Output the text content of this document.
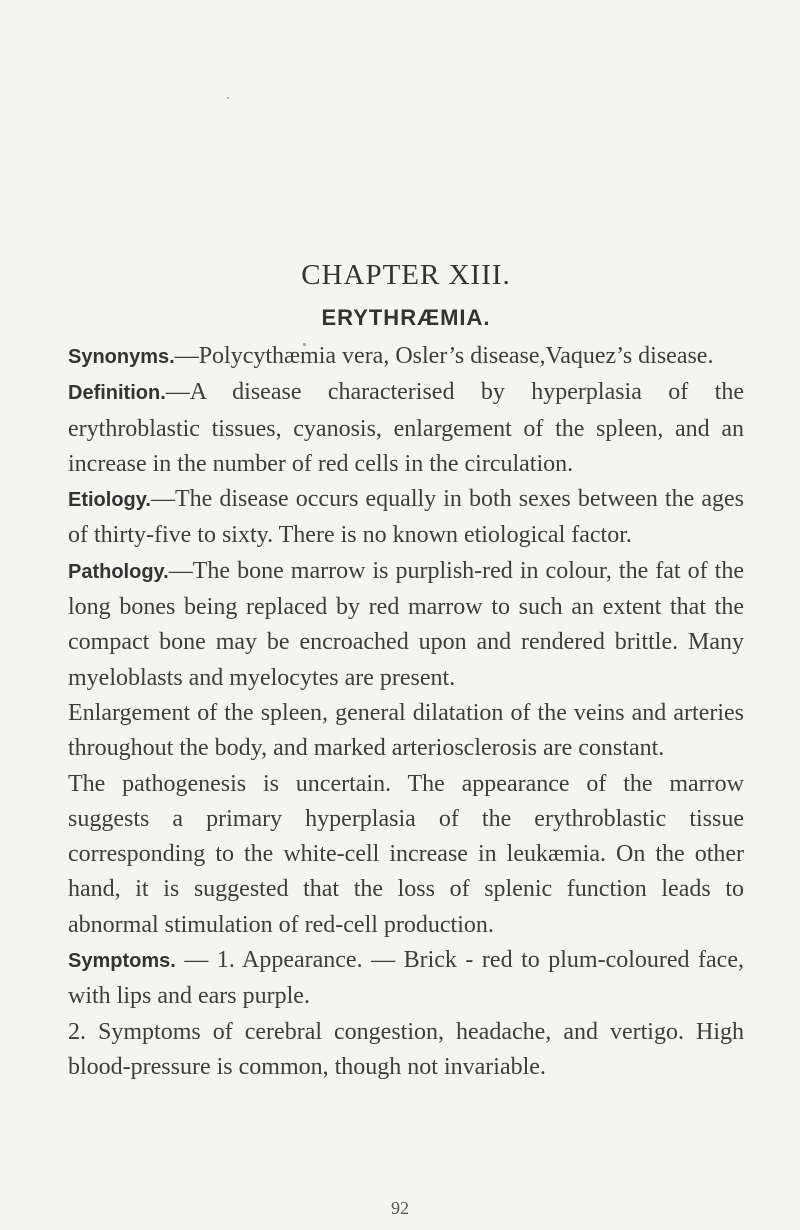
CHAPTER XIII.
ERYTHRÆMIA.

Synonyms.—Polycythæmia vera, Osler’s disease,Vaquez’s disease.

Definition.—A disease characterised by hyperplasia of the erythroblastic tissues, cyanosis, enlargement of the spleen, and an increase in the number of red cells in the circulation.

Etiology.—The disease occurs equally in both sexes between the ages of thirty-five to sixty. There is no known etiological factor.

Pathology.—The bone marrow is purplish-red in colour, the fat of the long bones being replaced by red marrow to such an extent that the compact bone may be encroached upon and rendered brittle. Many myeloblasts and myelocytes are present.

Enlargement of the spleen, general dilatation of the veins and arteries throughout the body, and marked arteriosclerosis are constant.

The pathogenesis is uncertain. The appearance of the marrow suggests a primary hyperplasia of the erythroblastic tissue corresponding to the white-cell increase in leukæmia. On the other hand, it is suggested that the loss of splenic function leads to abnormal stimulation of red-cell production.

Symptoms. — 1. Appearance. — Brick - red to plum-coloured face, with lips and ears purple.

2. Symptoms of cerebral congestion, headache, and vertigo. High blood-pressure is common, though not invariable.

92
